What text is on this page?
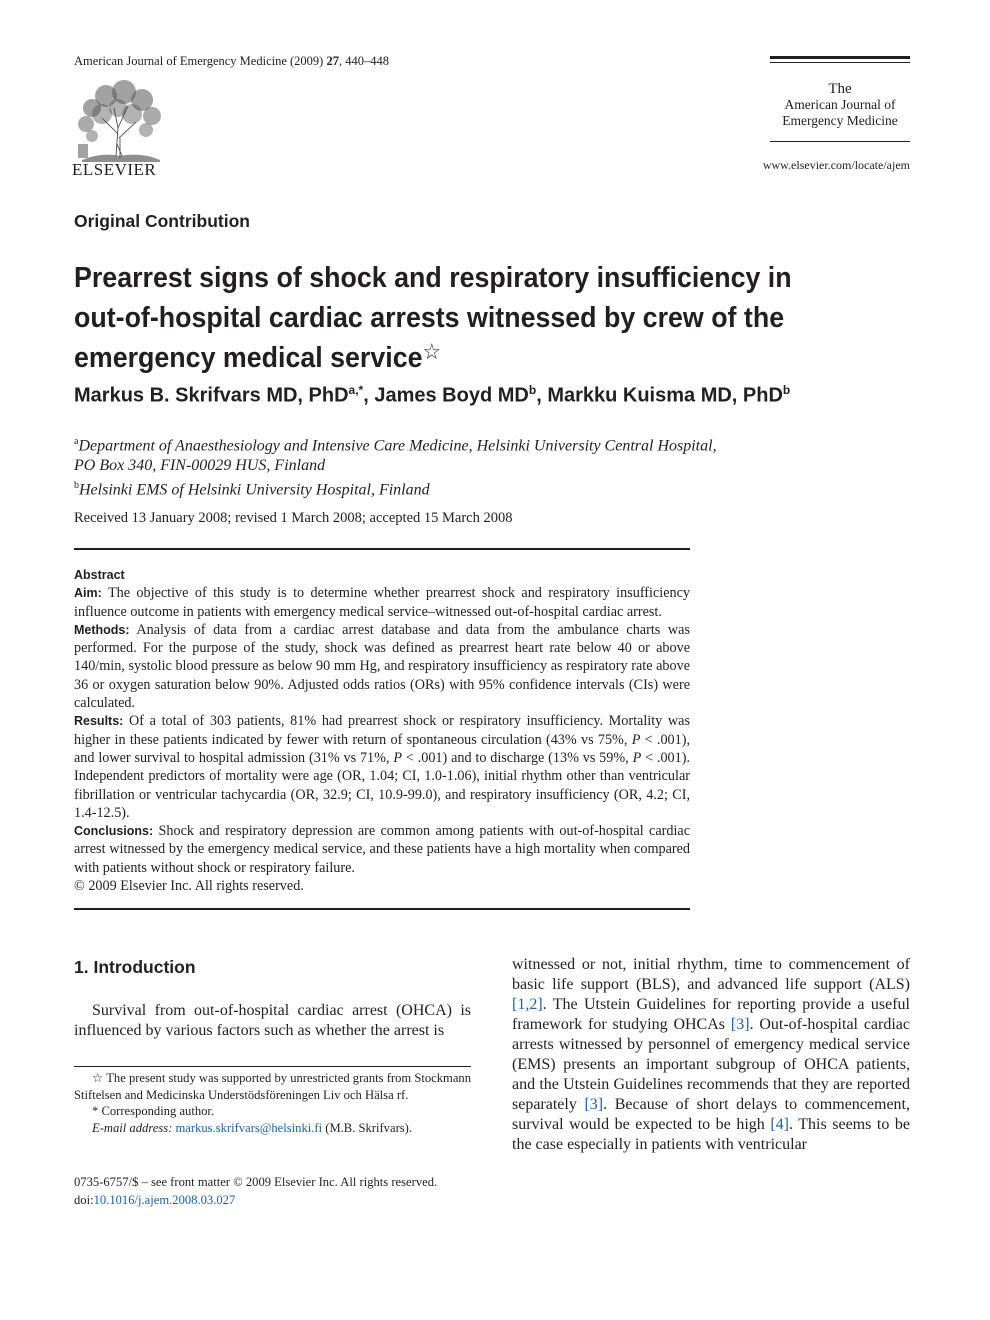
American Journal of Emergency Medicine (2009) 27, 440–448
ELSEVIER
The
American Journal of
Emergency Medicine
www.elsevier.com/locate/ajem
Original Contribution
Prearrest signs of shock and respiratory insufficiency in out-of-hospital cardiac arrests witnessed by crew of the emergency medical service☆
Markus B. Skrifvars MD, PhD$^{a,*}$, James Boyd $MD^b$, Markku Kuisma MD, PhD$^b$
$^a$Department of Anaesthesiology and Intensive Care Medicine, Helsinki University Central Hospital,
PO Box 340, FIN-00029 HUS, Finland
$^b$Helsinki EMS of Helsinki University Hospital, Finland
Received 13 January 2008; revised 1 March 2008; accepted 15 March 2008

Abstract

Aim: The objective of this study is to determine whether prearrest shock and respiratory insufficiency influence outcome in patients with emergency medical service–witnessed out-of-hospital cardiac arrest.

Methods: Analysis of data from a cardiac arrest database and data from the ambulance charts was performed. For the purpose of the study, shock was defined as prearrest heart rate below 40 or above 140/min, systolic blood pressure as below 90 mm Hg, and respiratory insufficiency as respiratory rate above 36 or oxygen saturation below 90%. Adjusted odds ratios (ORs) with 95% confidence intervals (CIs) were calculated.

Results: Of a total of 303 patients, 81% had prearrest shock or respiratory insufficiency. Mortality was higher in these patients indicated by fewer with return of spontaneous circulation (43% vs 75%, P < .001), and lower survival to hospital admission (31% vs 71%, P < .001) and to discharge (13% vs 59%, P < .001). Independent predictors of mortality were age (OR, 1.04; CI, 1.0-1.06), initial rhythm other than ventricular fibrillation or ventricular tachycardia (OR, 32.9; CI, 10.9-99.0), and respiratory insufficiency (OR, 4.2; CI, 1.4-12.5).

Conclusions: Shock and respiratory depression are common among patients with out-of-hospital cardiac arrest witnessed by the emergency medical service, and these patients have a high mortality when compared with patients without shock or respiratory failure.

© 2009 Elsevier Inc. All rights reserved.

1. Introduction
Survival from out-of-hospital cardiac arrest (OHCA) is influenced by various factors such as whether the arrest is

☆ The present study was supported by unrestricted grants from Stockmann Stiftelsen and Medicinska Understödsföreningen Liv och Hälsa rf.

* Corresponding author.

E-mail address: markus.skrifvars@helsinki.fi (M.B. Skrifvars).

0735-6757/$ – see front matter © 2009 Elsevier Inc. All rights reserved.
doi:10.1016/j.ajem.2008.03.027
witnessed or not, initial rhythm, time to commencement of basic life support (BLS), and advanced life support (ALS) [1,2]. The Utstein Guidelines for reporting provide a useful framework for studying OHCAs [3]. Out-of-hospital cardiac arrests witnessed by personnel of emergency medical service (EMS) presents an important subgroup of OHCA patients, and the Utstein Guidelines recommends that they are reported separately [3]. Because of short delays to commencement, survival would be expected to be high [4]. This seems to be the case especially in patients with ventricular
